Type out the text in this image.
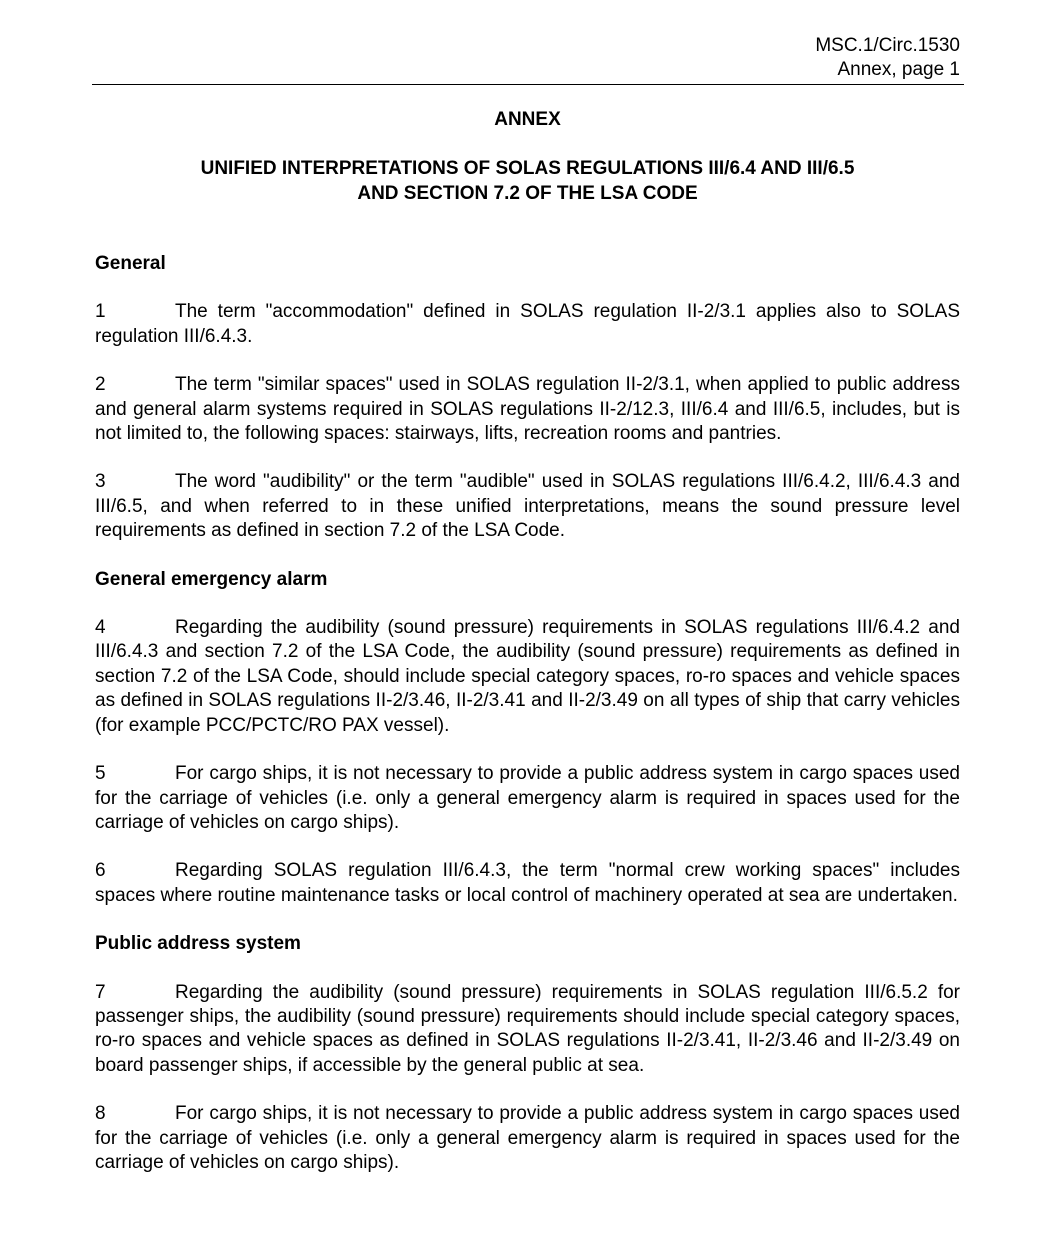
MSC.1/Circ.1530
Annex, page 1

ANNEX

UNIFIED INTERPRETATIONS OF SOLAS REGULATIONS III/6.4 AND III/6.5
AND SECTION 7.2 OF THE LSA CODE

General

1	The term "accommodation" defined in SOLAS regulation II-2/3.1 applies also to SOLAS regulation III/6.4.3.

2	The term "similar spaces" used in SOLAS regulation II-2/3.1, when applied to public address and general alarm systems required in SOLAS regulations II-2/12.3, III/6.4 and III/6.5, includes, but is not limited to, the following spaces: stairways, lifts, recreation rooms and pantries.

3	The word "audibility" or the term "audible" used in SOLAS regulations III/6.4.2, III/6.4.3 and III/6.5, and when referred to in these unified interpretations, means the sound pressure level requirements as defined in section 7.2 of the LSA Code.

General emergency alarm

4	Regarding the audibility (sound pressure) requirements in SOLAS regulations III/6.4.2 and III/6.4.3 and section 7.2 of the LSA Code, the audibility (sound pressure) requirements as defined in section 7.2 of the LSA Code, should include special category spaces, ro-ro spaces and vehicle spaces as defined in SOLAS regulations II-2/3.46, II-2/3.41 and II-2/3.49 on all types of ship that carry vehicles (for example PCC/PCTC/RO PAX vessel).

5	For cargo ships, it is not necessary to provide a public address system in cargo spaces used for the carriage of vehicles (i.e. only a general emergency alarm is required in spaces used for the carriage of vehicles on cargo ships).

6	Regarding SOLAS regulation III/6.4.3, the term "normal crew working spaces" includes spaces where routine maintenance tasks or local control of machinery operated at sea are undertaken.

Public address system

7	Regarding the audibility (sound pressure) requirements in SOLAS regulation III/6.5.2 for passenger ships, the audibility (sound pressure) requirements should include special category spaces, ro-ro spaces and vehicle spaces as defined in SOLAS regulations II-2/3.41, II-2/3.46 and II-2/3.49 on board passenger ships, if accessible by the general public at sea.

8	For cargo ships, it is not necessary to provide a public address system in cargo spaces used for the carriage of vehicles (i.e. only a general emergency alarm is required in spaces used for the carriage of vehicles on cargo ships).
